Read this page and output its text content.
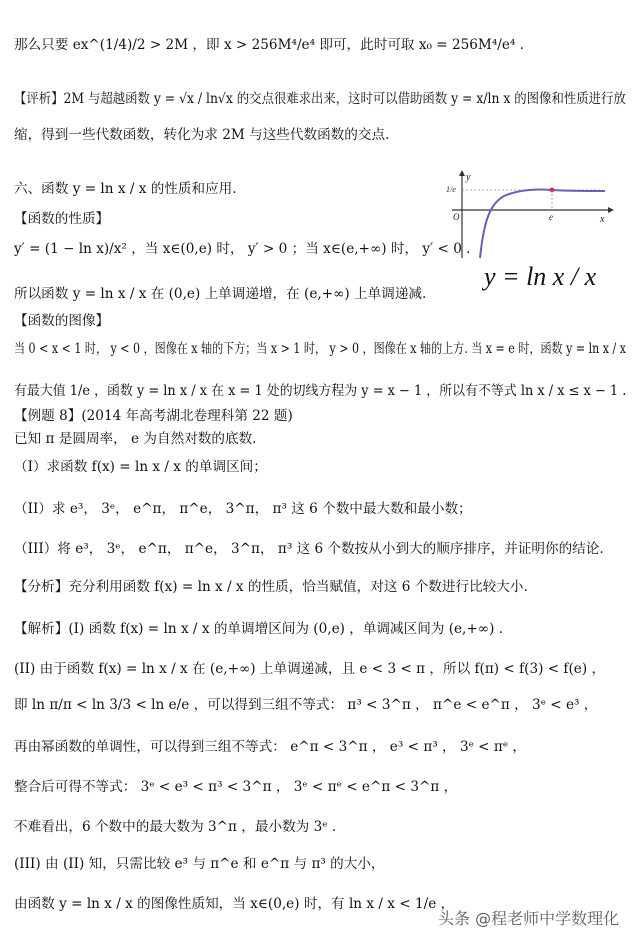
那么只要 ex^(1/4)/2 > 2M ，即 x > 256M⁴/e⁴ 即可，此时可取 x₀ = 256M⁴/e⁴ .
【评析】2M 与超越函数 y = √x / ln√x 的交点很难求出来，这时可以借助函数 y = x/ln x 的图像和性质进行放
缩，得到一些代数函数，转化为求 2M 与这些代数函数的交点.
六、函数 y = ln x / x 的性质和应用.
【函数的性质】
y′ = (1 − ln x)/x² ，当 x∈(0,e) 时， y′ > 0 ；当 x∈(e,+∞) 时， y′ < 0 .
所以函数 y = ln x / x 在 (0,e) 上单调递增，在 (e,+∞) 上单调递减.
【函数的图像】
当 0 < x < 1 时， y < 0 ，图像在 x 轴的下方；当 x > 1 时， y > 0 ，图像在 x 轴的上方. 当 x = e 时，函数 y = ln x / x
有最大值 1/e ，函数 y = ln x / x 在 x = 1 处的切线方程为 y = x − 1 ，所以有不等式 ln x / x ≤ x − 1 .
【例题 8】(2014 年高考湖北卷理科第 22 题)
已知 π 是圆周率， e 为自然对数的底数.
（I）求函数 f(x) = ln x / x 的单调区间；
（II）求 e³， 3ᵉ， e^π， π^e， 3^π， π³ 这 6 个数中最大数和最小数；
（III）将 e³， 3ᵉ， e^π， π^e， 3^π， π³ 这 6 个数按从小到大的顺序排序，并证明你的结论.
【分析】充分利用函数 f(x) = ln x / x 的性质，恰当赋值，对这 6 个数进行比较大小.
【解析】(I) 函数 f(x) = ln x / x 的单调增区间为 (0,e) ，单调减区间为 (e,+∞) .
(II) 由于函数 f(x) = ln x / x 在 (e,+∞) 上单调递减，且 e < 3 < π ，所以 f(π) < f(3) < f(e) ，
即 ln π/π < ln 3/3 < ln e/e ，可以得到三组不等式： π³ < 3^π ， π^e < e^π ， 3ᵉ < e³ ，
再由幂函数的单调性，可以得到三组不等式： e^π < 3^π ， e³ < π³ ， 3ᵉ < πᵉ ，
整合后可得不等式： 3ᵉ < e³ < π³ < 3^π ， 3ᵉ < πᵉ < e^π < 3^π ，
不难看出，6 个数中的最大数为 3^π ，最小数为 3ᵉ .
(III) 由 (II) 知，只需比较 e³ 与 π^e 和 e^π 与 π³ 的大小，
由函数 y = ln x / x 的图像性质知，当 x∈(0,e) 时，有 ln x / x < 1/e ，
1/e
O	e	x
y
y = ln x / x
头条 @程老师中学数理化
